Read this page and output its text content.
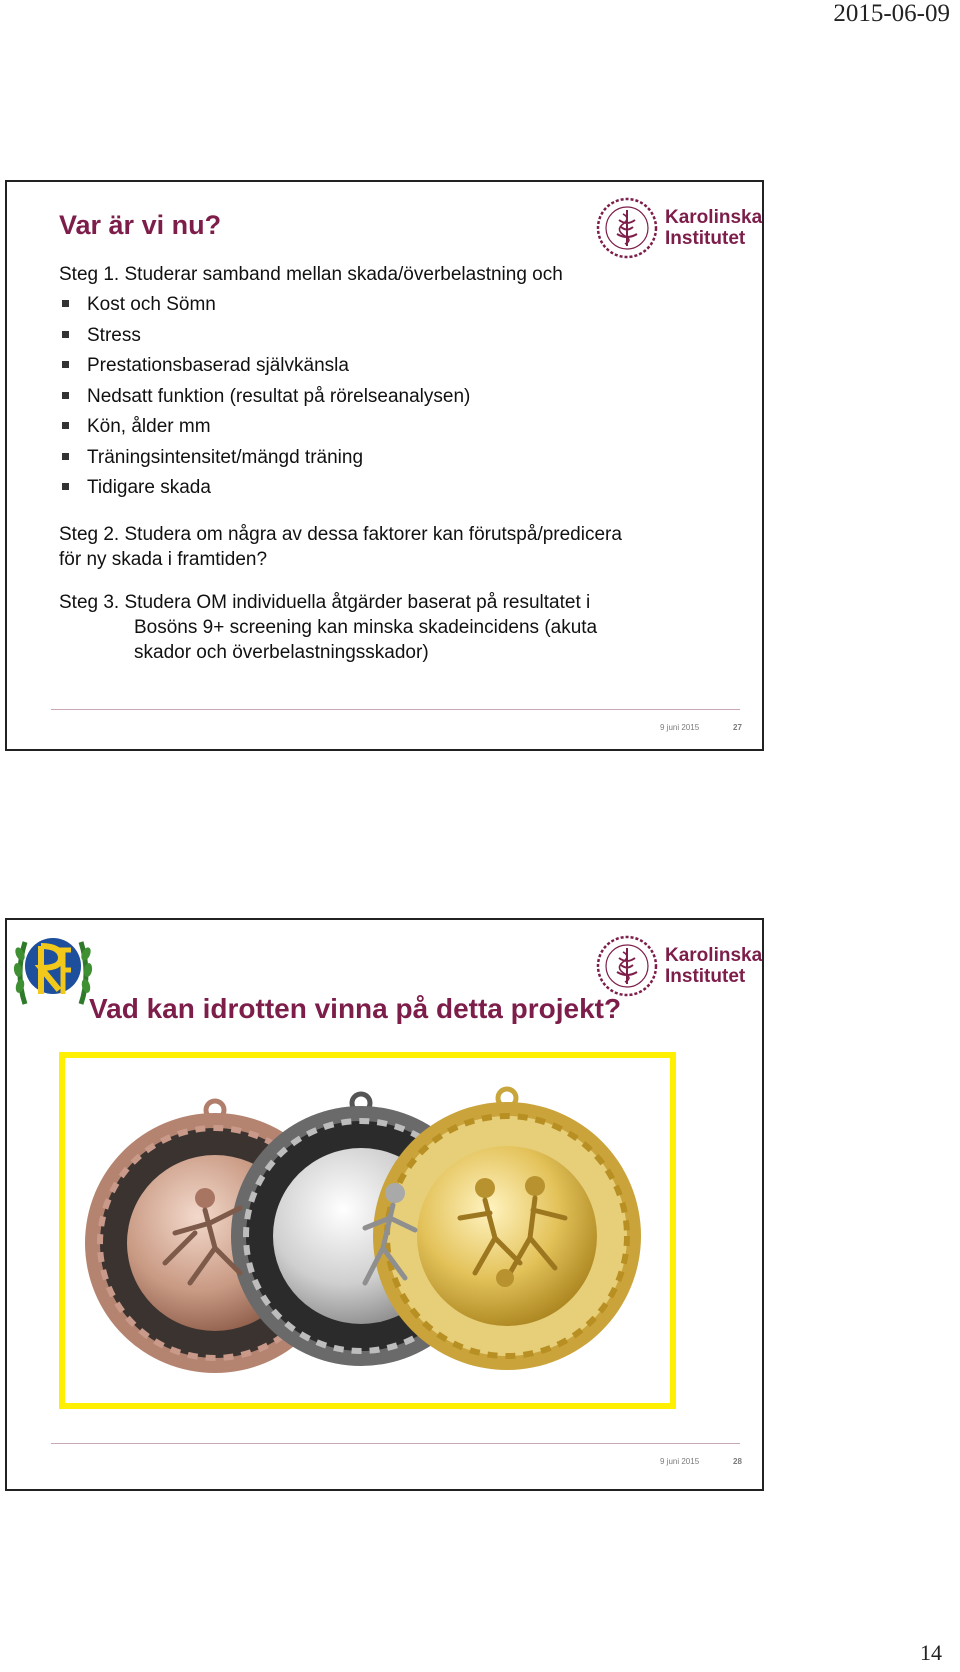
2015-06-09
Karolinska
Institutet
Var är vi nu?
Steg 1. Studerar samband mellan skada/överbelastning och
Kost och Sömn
Stress
Prestationsbaserad självkänsla
Nedsatt funktion (resultat på rörelseanalysen)
Kön, ålder mm
Träningsintensitet/mängd träning
Tidigare skada

Steg 2. Studera om några av dessa faktorer kan förutspå/predicera

för ny skada i framtiden?

Steg 3. Studera OM individuella åtgärder baserat på resultatet i

Bosöns 9+ screening kan minska skadeincidens (akuta

skador och överbelastningsskador)

9 juni 2015	27
Karolinska
Institutet
Vad kan idrotten vinna på detta projekt?
9 juni 2015	28
14
